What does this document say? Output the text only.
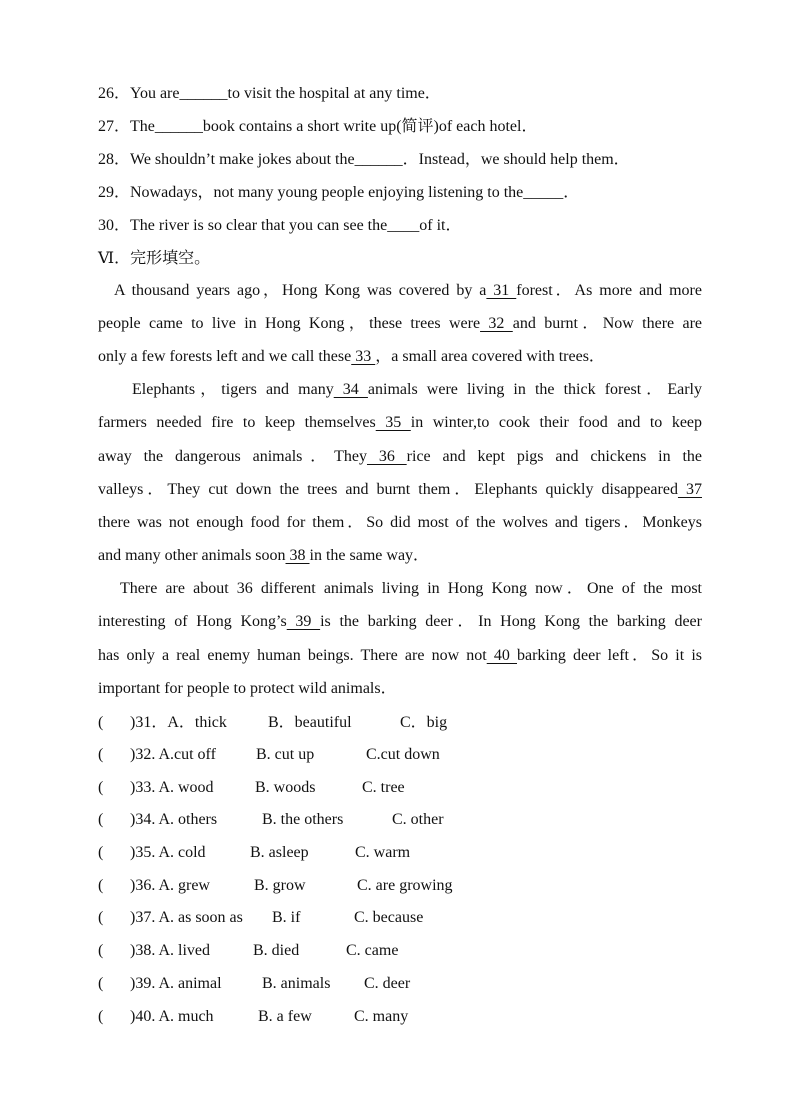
26．You are______to visit the hospital at any time．
27．The______book contains a short write up(简评)of each hotel．
28．We shouldn’t make jokes about the______．Instead，we should help them．
29．Nowadays，not many young people enjoying listening to the_____．
30．The river is so clear that you can see the____of it．
Ⅵ．完形填空。
A thousand years ago，Hong Kong was covered by a 31 forest．As more and more
people came to live in Hong Kong，these trees were 32 and burnt．Now there are
only a few forests left and we call these 33 ，a small area covered with trees．
Elephants，tigers and many 34 animals were living in the thick forest．Early
farmers needed fire to keep themselves 35 in winter,to cook their food and to keep
away the dangerous animals．They 36 rice and kept pigs and chickens in the
valleys．They cut down the trees and burnt them．Elephants quickly disappeared 37
there was not enough food for them．So did most of the wolves and tigers．Monkeys
and many other animals soon 38 in the same way．
There are about 36 different animals living in Hong Kong now．One of the most
interesting of Hong Kong’s 39 is the barking deer．In Hong Kong the barking deer
has only a real enemy human beings. There are now not 40 barking deer left．So it is
important for people to protect wild animals．
( )31．A．thick	B．beautiful	C．big
( )32. A.cut off	B. cut up	C.cut down
( )33. A. wood	B. woods	C. tree
( )34. A. others	B. the others	C. other
( )35. A. cold	B. asleep	C. warm
( )36. A. grew	B. grow	C. are growing
( )37. A. as soon as B. if	C. because
( )38. A. lived	B. died	C. came
( )39. A. animal	B. animals C. deer
( )40. A. much	B. a few	C. many
